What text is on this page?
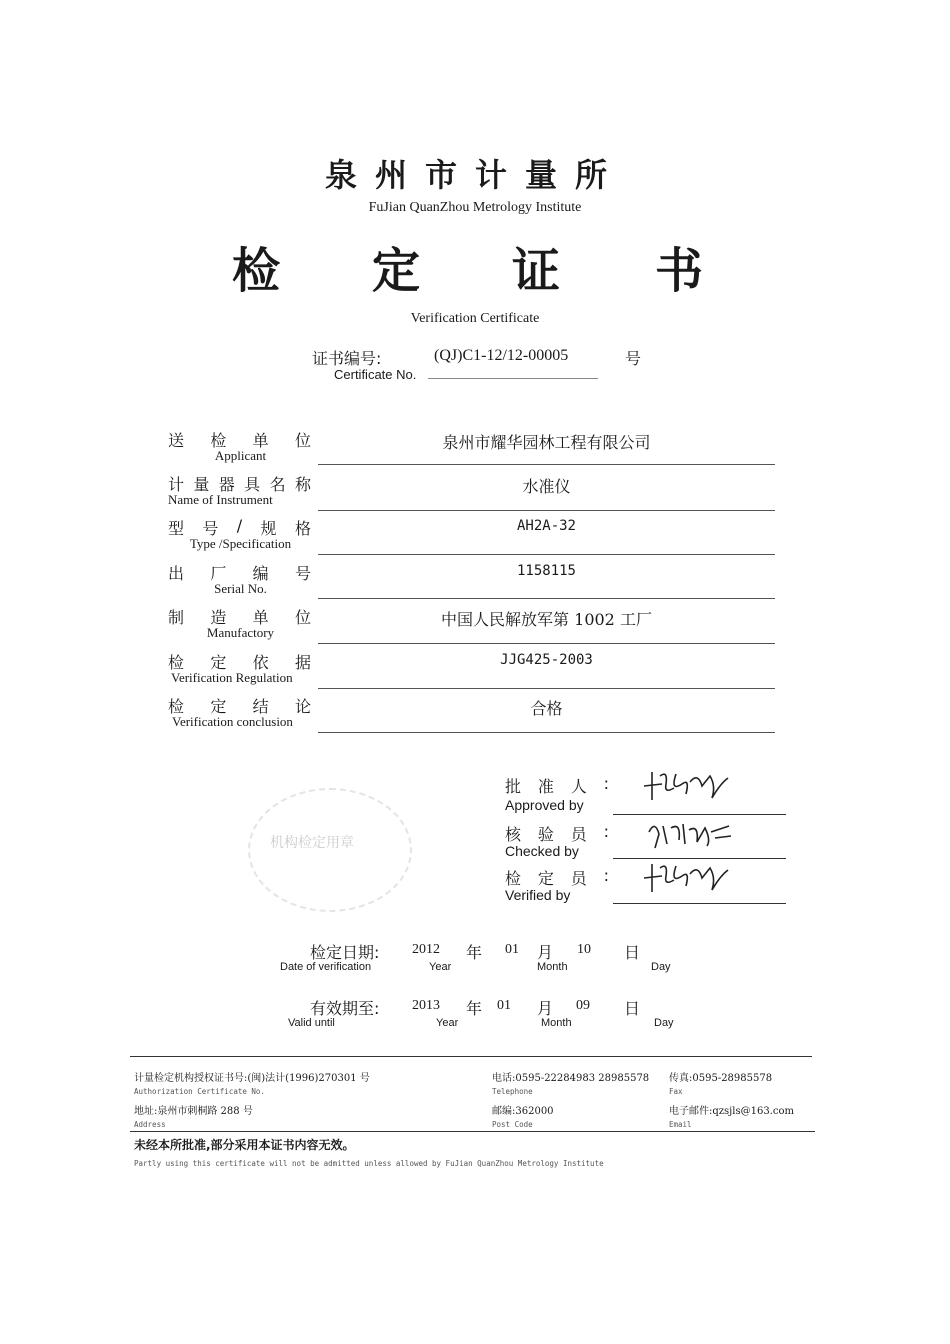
泉州市计量所
FuJian QuanZhou Metrology Institute
检 定 证 书
Verification Certificate
证书编号:
Certificate No.
(QJ)C1-12/12-00005	号
送 检 单 位
Applicant
泉州市耀华园林工程有限公司
计 量 器 具 名 称
Name of Instrument
水准仪
型 号 / 规 格
Type /Specification
AH2A-32
出 厂 编 号
Serial No.
1158115
制 造 单 位
Manufactory
中国人民解放军第 1002 工厂
检 定 依 据
Verification Regulation
JJG425-2003
检 定 结 论
Verification conclusion
合格
机构检定用章
批 准 人 :
Approved by
核 验 员 :
Checked by
检 定 员 :
Verified by
检定日期:
Date of verification
2012 年
Year
01 月
Month
10 日
Day
有效期至:
Valid until
2013 年
Year
01 月
Month
09 日
Day
计量检定机构授权证书号:(闽)法计(1996)270301 号
Authorization Certificate No.
地址:泉州市刺桐路 288 号
Address
电话:0595-22284983 28985578
Telephone
邮编:362000
Post Code
传真:0595-28985578
Fax
电子邮件:qzsjls@163.com
Email
未经本所批准,部分采用本证书内容无效。
Partly using this certificate will not be admitted unless allowed by FuJian QuanZhou Metrology Institute
